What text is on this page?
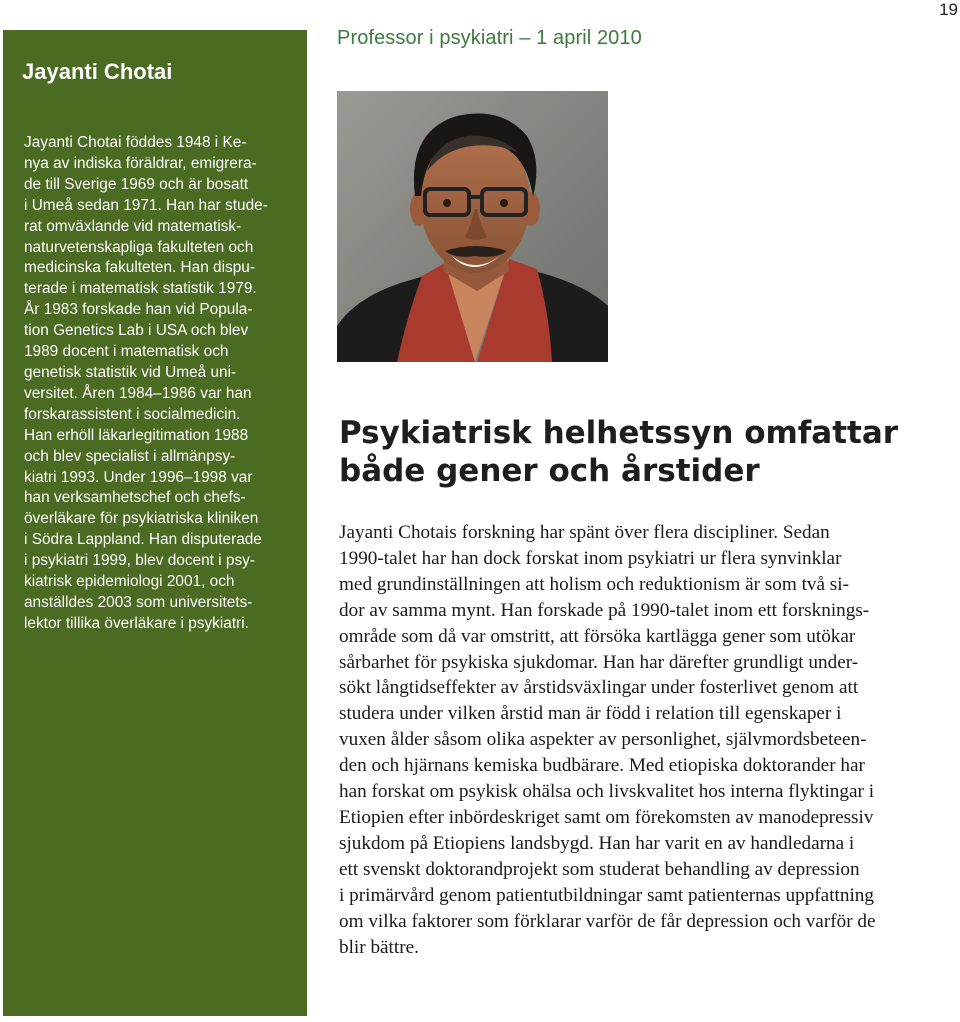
19
Professor i psykiatri – 1 april 2010
Jayanti Chotai
Jayanti Chotai föddes 1948 i Ke-
nya av indiska föräldrar, emigrera-
de till Sverige 1969 och är bosatt
i Umeå sedan 1971. Han har stude-
rat omväxlande vid matematisk-
naturvetenskapliga fakulteten och
medicinska fakulteten. Han dispu-
terade i matematisk statistik 1979.
År 1983 forskade han vid Popula-
tion Genetics Lab i USA och blev
1989 docent i matematisk och
genetisk statistik vid Umeå uni-
versitet. Åren 1984–1986 var han
forskarassistent i socialmedicin.
Han erhöll läkarlegitimation 1988
och blev specialist i allmänpsy-
kiatri 1993. Under 1996–1998 var
han verksamhetschef och chefs-
överläkare för psykiatriska kliniken
i Södra Lappland. Han disputerade
i psykiatri 1999, blev docent i psy-
kiatrisk epidemiologi 2001, och
anställdes 2003 som universitets-
lektor tillika överläkare i psykiatri.
Psykiatrisk helhetssyn omfattar
både gener och årstider
Jayanti Chotais forskning har spänt över flera discipliner. Sedan
1990-talet har han dock forskat inom psykiatri ur flera synvinklar
med grundinställningen att holism och reduktionism är som två si-
dor av samma mynt. Han forskade på 1990-talet inom ett forsknings-
område som då var omstritt, att försöka kartlägga gener som utökar
sårbarhet för psykiska sjukdomar. Han har därefter grundligt under-
sökt långtidseffekter av årstidsväxlingar under fosterlivet genom att
studera under vilken årstid man är född i relation till egenskaper i
vuxen ålder såsom olika aspekter av personlighet, självmordsbeteen-
den och hjärnans kemiska budbärare. Med etiopiska doktorander har
han forskat om psykisk ohälsa och livskvalitet hos interna flyktingar i
Etiopien efter inbördeskriget samt om förekomsten av manodepressiv
sjukdom på Etiopiens landsbygd. Han har varit en av handledarna i
ett svenskt doktorandprojekt som studerat behandling av depression
i primärvård genom patientutbildningar samt patienternas uppfattning
om vilka faktorer som förklarar varför de får depression och varför de
blir bättre.
